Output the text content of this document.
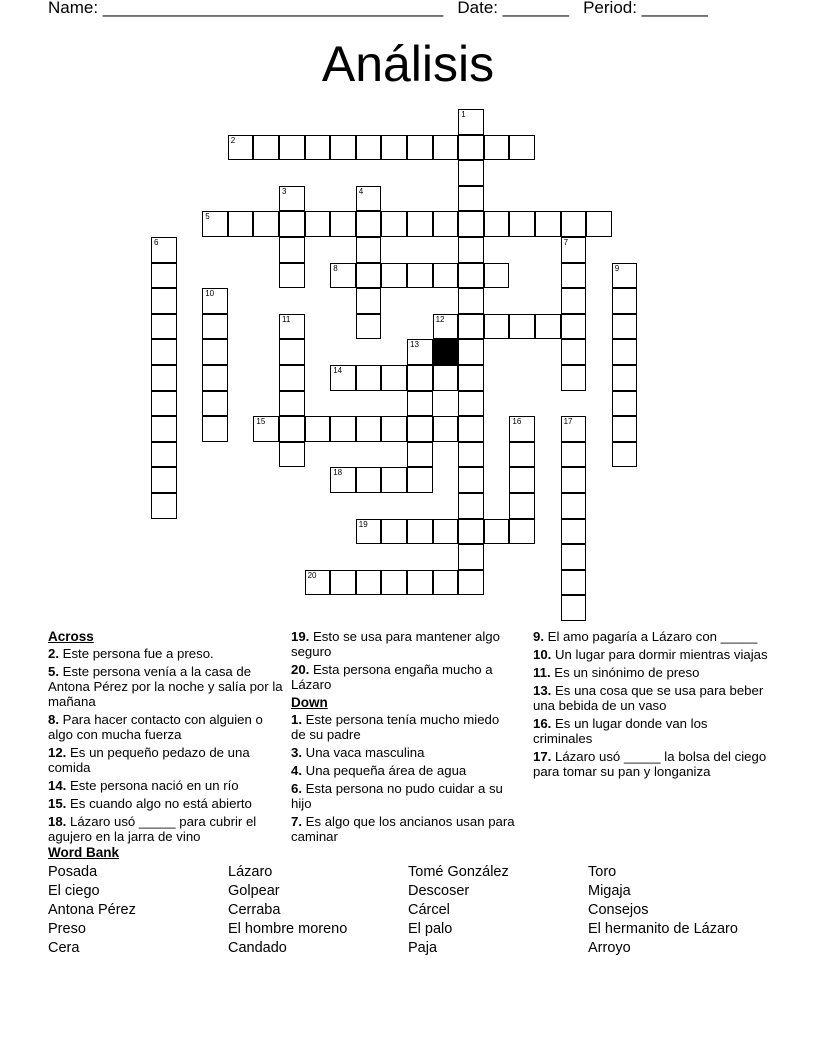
Name: ____________________________________ Date: _______ Period: _______
Análisis
1
2
3	4
5
6	7
8	9
10
11	12
13
14
15	16	17
18
19
20
Across
2. Este persona fue a preso.
5. Este persona venía a la casa de Antona Pérez por la noche y salía por la mañana
8. Para hacer contacto con alguien o algo con mucha fuerza
12. Es un pequeño pedazo de una comida
14. Este persona nació en un río
15. Es cuando algo no está abierto
18. Lázaro usó _____ para cubrir el agujero en la jarra de vino
19. Esto se usa para mantener algo seguro
20. Esta persona engaña mucho a Lázaro
Down
1. Este persona tenía mucho miedo de su padre
3. Una vaca masculina
4. Una pequeña área de agua
6. Esta persona no pudo cuidar a su hijo
7. Es algo que los ancianos usan para caminar
9. El amo pagaría a Lázaro con _____
10. Un lugar para dormir mientras viajas
11. Es un sinónimo de preso
13. Es una cosa que se usa para beber una bebida de un vaso
16. Es un lugar donde van los criminales
17. Lázaro usó _____ la bolsa del ciego para tomar su pan y longaniza
Word Bank
Posada
El ciego
Antona Pérez
Preso
Cera
Lázaro
Golpear
Cerraba
El hombre moreno
Candado
Tomé González
Descoser
Cárcel
El palo
Paja
Toro
Migaja
Consejos
El hermanito de Lázaro
Arroyo
